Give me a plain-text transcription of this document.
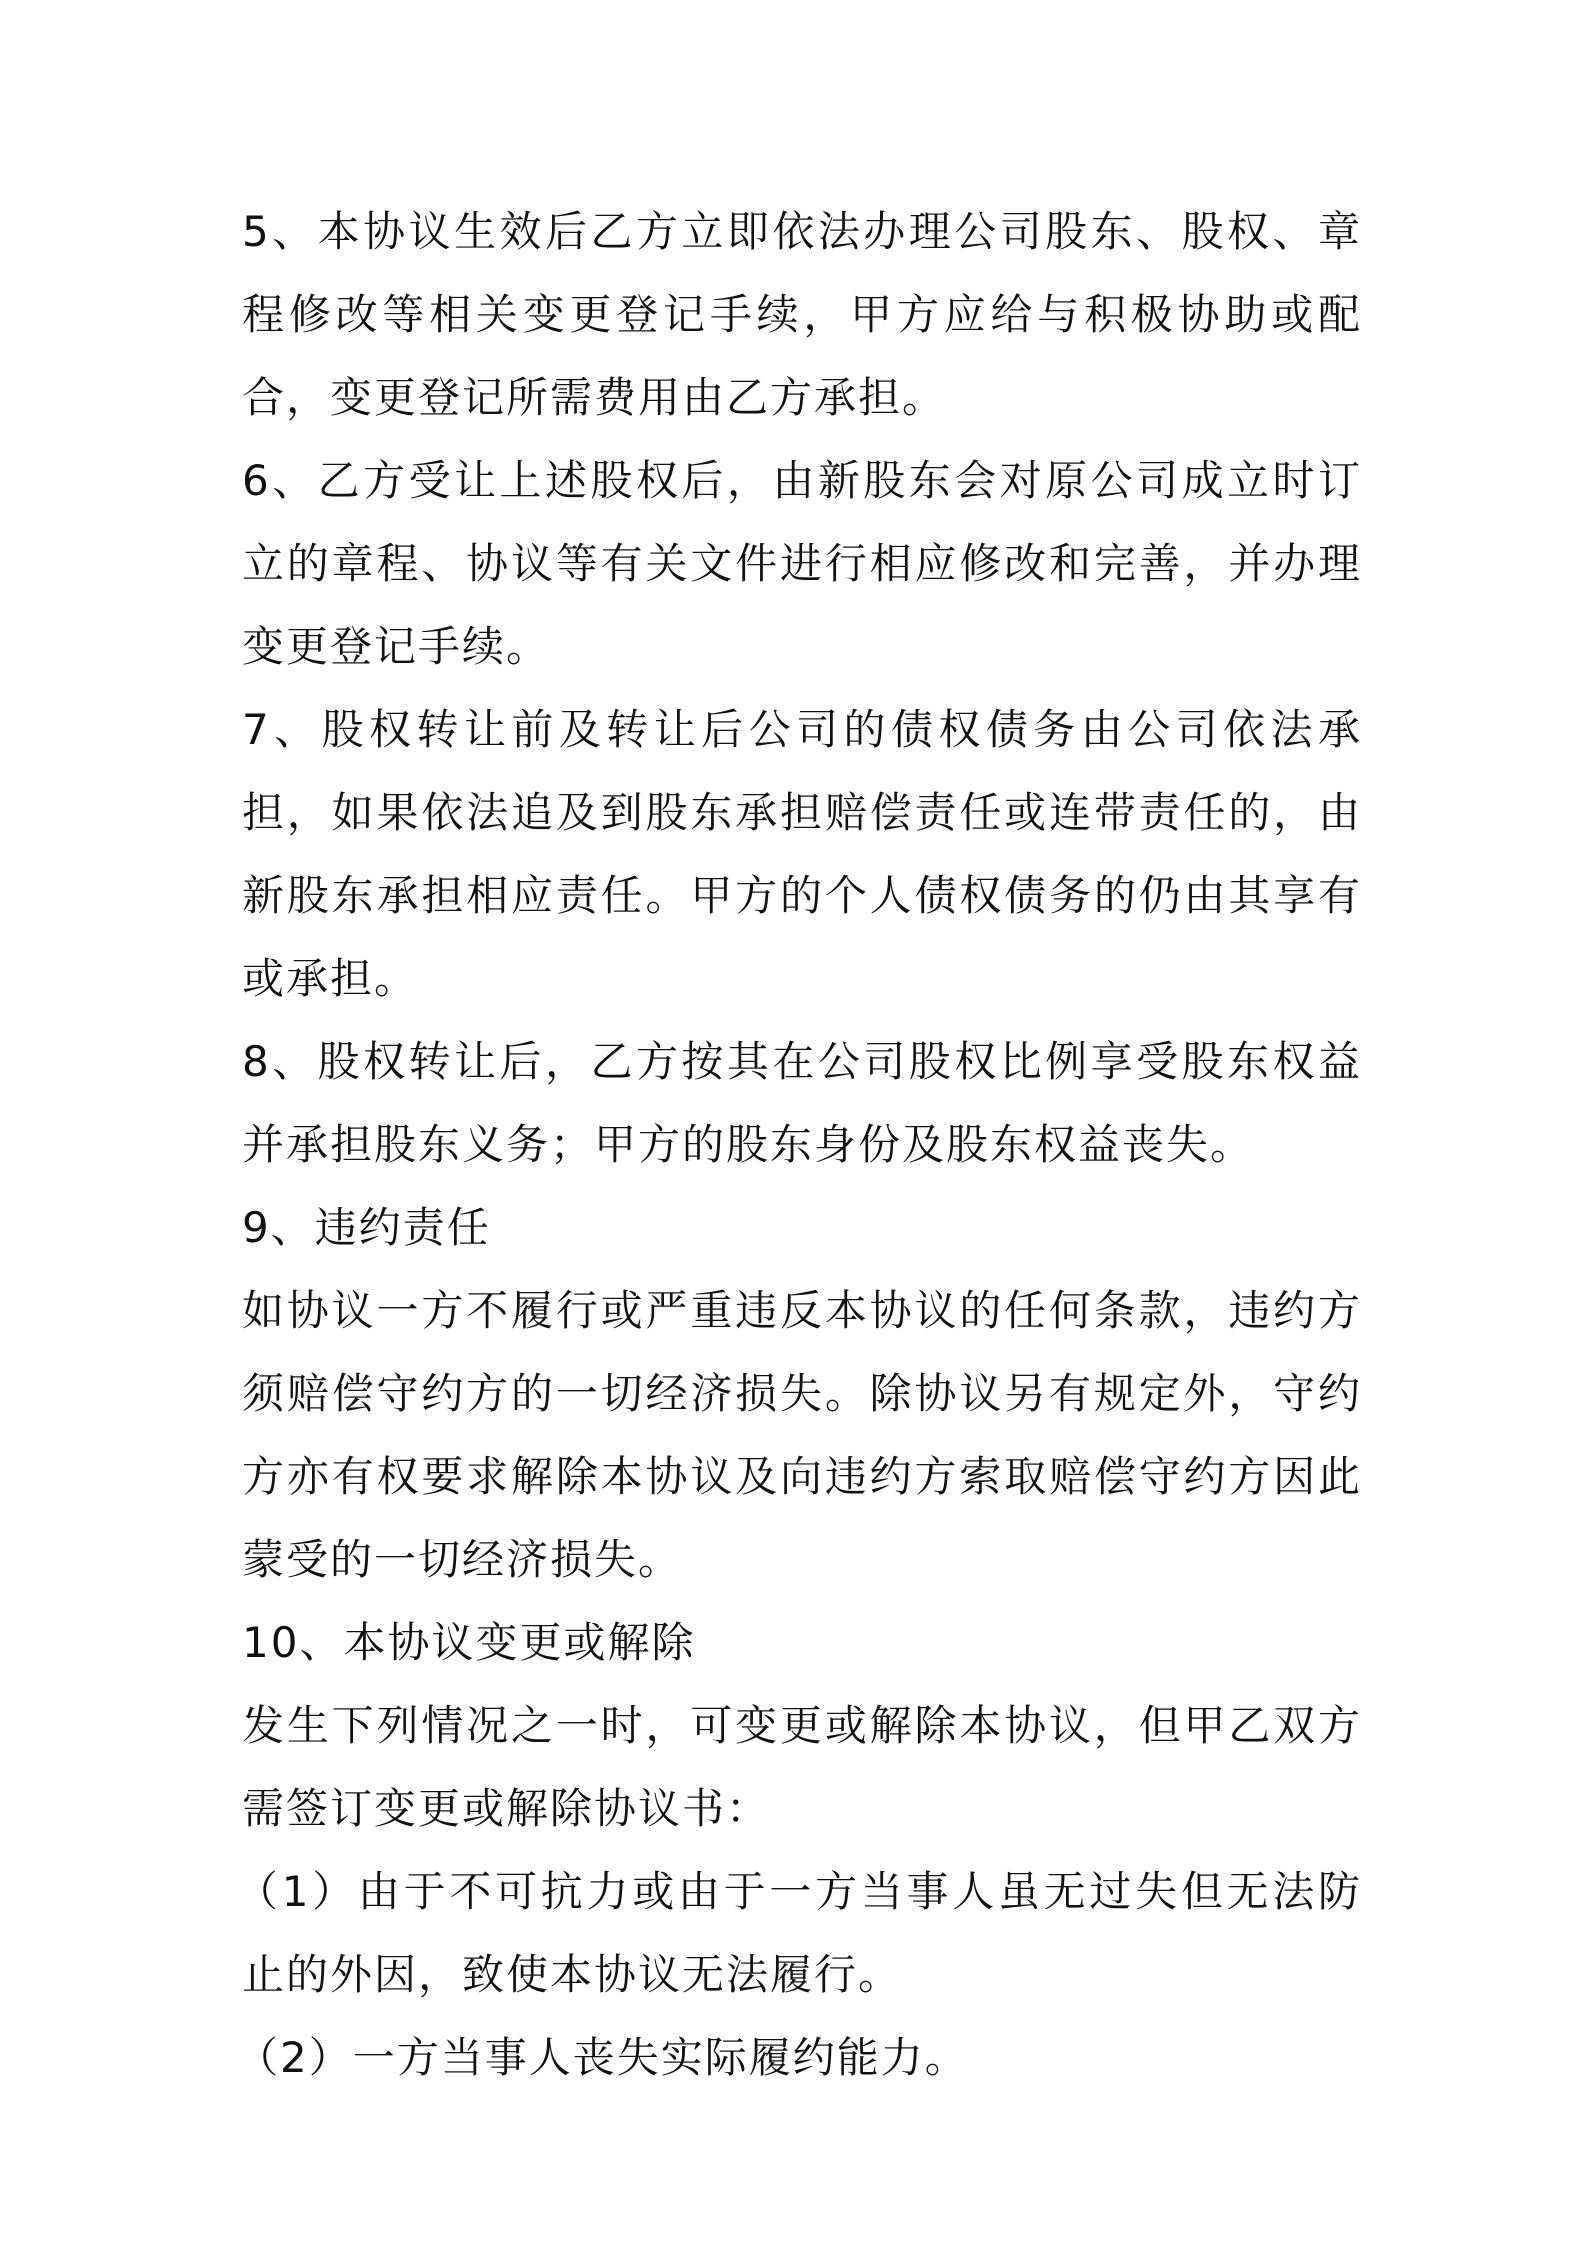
5、本协议生效后乙方立即依法办理公司股东、股权、章程修改等相关变更登记手续，甲方应给与积极协助或配合，变更登记所需费用由乙方承担。

6、乙方受让上述股权后，由新股东会对原公司成立时订立的章程、协议等有关文件进行相应修改和完善，并办理变更登记手续。

7、股权转让前及转让后公司的债权债务由公司依法承担，如果依法追及到股东承担赔偿责任或连带责任的，由新股东承担相应责任。甲方的个人债权债务的仍由其享有或承担。

8、股权转让后，乙方按其在公司股权比例享受股东权益并承担股东义务；甲方的股东身份及股东权益丧失。

9、违约责任

如协议一方不履行或严重违反本协议的任何条款，违约方须赔偿守约方的一切经济损失。除协议另有规定外，守约方亦有权要求解除本协议及向违约方索取赔偿守约方因此蒙受的一切经济损失。

10、本协议变更或解除

发生下列情况之一时，可变更或解除本协议，但甲乙双方需签订变更或解除协议书：

（1）由于不可抗力或由于一方当事人虽无过失但无法防止的外因，致使本协议无法履行。

（2）一方当事人丧失实际履约能力。
